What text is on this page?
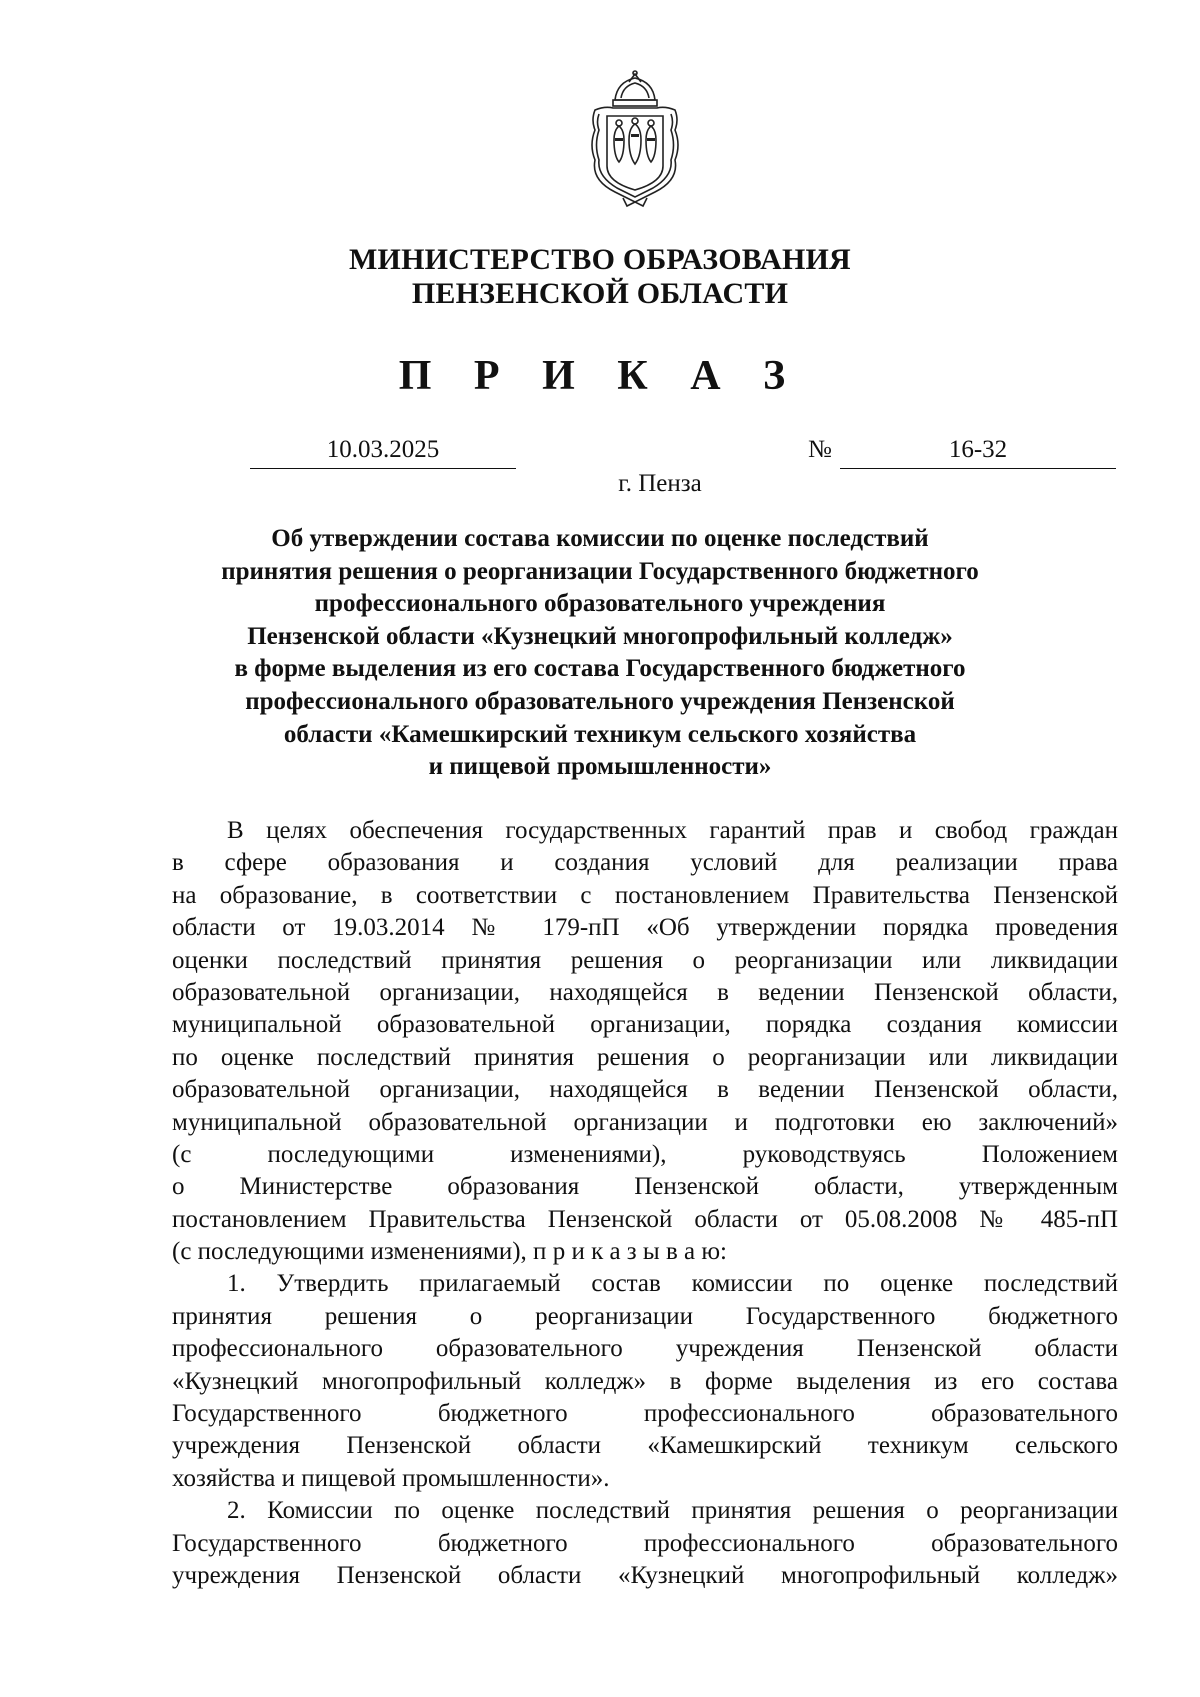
МИНИСТЕРСТВО ОБРАЗОВАНИЯ
ПЕНЗЕНСКОЙ ОБЛАСТИ
П Р И К А З
10.03.2025	№	16-32
г. Пенза
Об утверждении состава комиссии по оценке последствий
принятия решения о реорганизации Государственного бюджетного
профессионального образовательного учреждения
Пензенской области «Кузнецкий многопрофильный колледж»
в форме выделения из его состава Государственного бюджетного
профессионального образовательного учреждения Пензенской
области «Камешкирский техникум сельского хозяйства
и пищевой промышленности»
В целях обеспечения государственных гарантий прав и свобод граждан
в сфере образования и создания условий для реализации права
на образование, в соответствии с постановлением Правительства Пензенской
области от 19.03.2014 № 179-пП «Об утверждении порядка проведения
оценки последствий принятия решения о реорганизации или ликвидации
образовательной организации, находящейся в ведении Пензенской области,
муниципальной образовательной организации, порядка создания комиссии
по оценке последствий принятия решения о реорганизации или ликвидации
образовательной организации, находящейся в ведении Пензенской области,
муниципальной образовательной организации и подготовки ею заключений»
(с последующими изменениями), руководствуясь Положением
о Министерстве образования Пензенской области, утвержденным
постановлением Правительства Пензенской области от 05.08.2008 № 485-пП
(с последующими изменениями), п р и к а з ы в а ю:
1. Утвердить прилагаемый состав комиссии по оценке последствий
принятия решения о реорганизации Государственного бюджетного
профессионального образовательного учреждения Пензенской области
«Кузнецкий многопрофильный колледж» в форме выделения из его состава
Государственного бюджетного профессионального образовательного
учреждения Пензенской области «Камешкирский техникум сельского
хозяйства и пищевой промышленности».
2. Комиссии по оценке последствий принятия решения о реорганизации
Государственного бюджетного профессионального образовательного
учреждения Пензенской области «Кузнецкий многопрофильный колледж»
